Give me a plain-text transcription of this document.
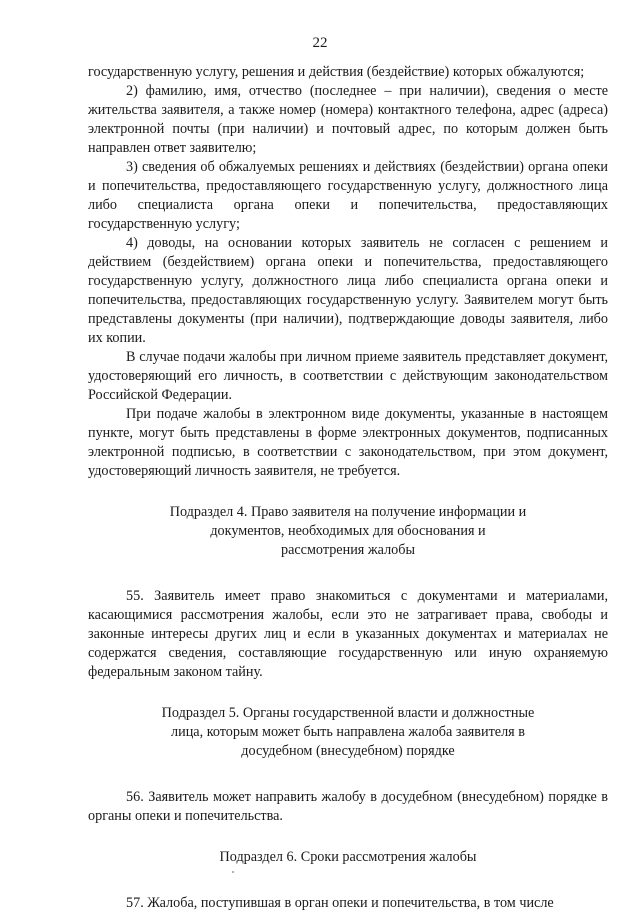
22

государственную услугу, решения и действия (бездействие) которых обжалуются;

2) фамилию, имя, отчество (последнее – при наличии), сведения о месте жительства заявителя, а также номер (номера) контактного телефона, адрес (адреса) электронной почты (при наличии) и почтовый адрес, по которым должен быть направлен ответ заявителю;

3) сведения об обжалуемых решениях и действиях (бездействии) органа опеки и попечительства, предоставляющего государственную услугу, должностного лица либо специалиста органа опеки и попечительства, предоставляющих государственную услугу;

4) доводы, на основании которых заявитель не согласен с решением и действием (бездействием) органа опеки и попечительства, предоставляющего государственную услугу, должностного лица либо специалиста органа опеки и попечительства, предоставляющих государственную услугу. Заявителем могут быть представлены документы (при наличии), подтверждающие доводы заявителя, либо их копии.

В случае подачи жалобы при личном приеме заявитель представляет документ, удостоверяющий его личность, в соответствии с действующим законодательством Российской Федерации.

При подаче жалобы в электронном виде документы, указанные в настоящем пункте, могут быть представлены в форме электронных документов, подписанных электронной подписью, в соответствии с законодательством, при этом документ, удостоверяющий личность заявителя, не требуется.

Подраздел 4. Право заявителя на получение информации и

документов, необходимых для обоснования и

рассмотрения жалобы

55. Заявитель имеет право знакомиться с документами и материалами, касающимися рассмотрения жалобы, если это не затрагивает права, свободы и законные интересы других лиц и если в указанных документах и материалах не содержатся сведения, составляющие государственную или иную охраняемую федеральным законом тайну.

Подраздел 5. Органы государственной власти и должностные

лица, которым может быть направлена жалоба заявителя в

досудебном (внесудебном) порядке

56. Заявитель может направить жалобу в досудебном (внесудебном) порядке в органы опеки и попечительства.

Подраздел 6. Сроки рассмотрения жалобы

57. Жалоба, поступившая в орган опеки и попечительства, в том числе
